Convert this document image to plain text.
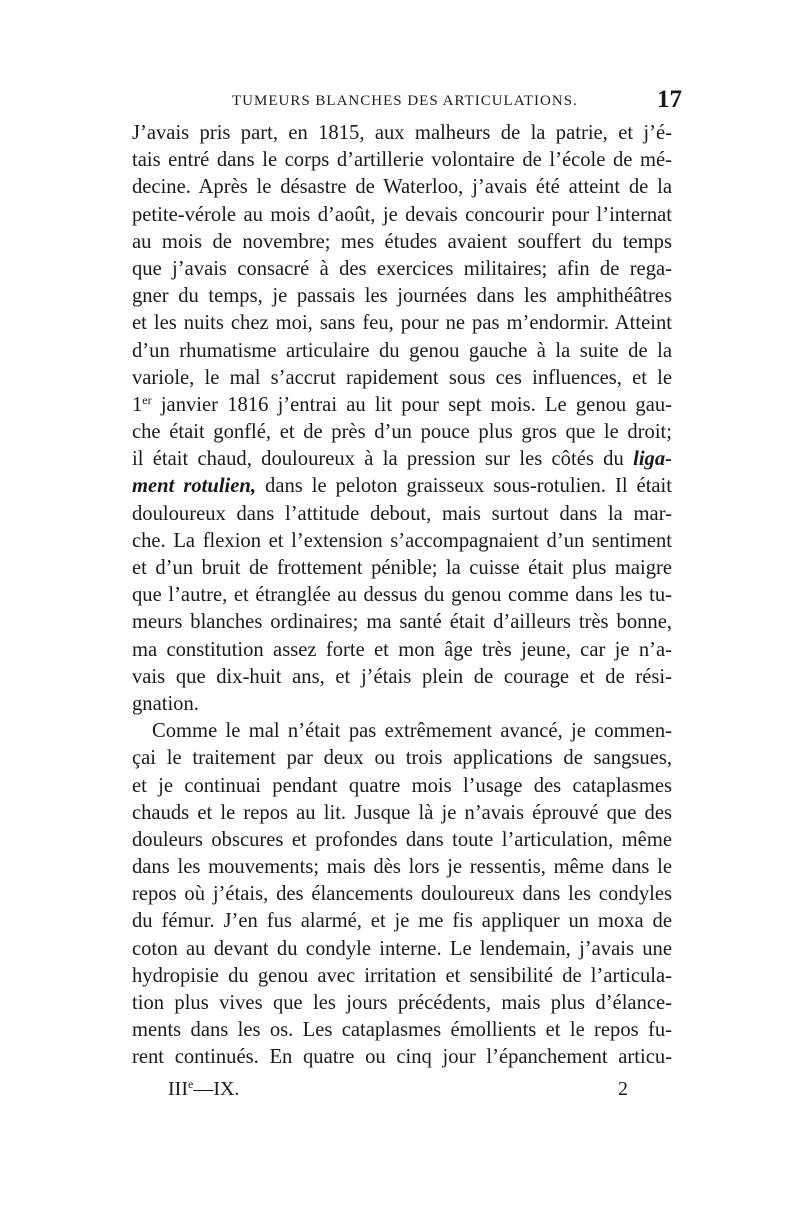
TUMEURS BLANCHES DES ARTICULATIONS.	17
J’avais pris part, en 1815, aux malheurs de la patrie, et j’é-
tais entré dans le corps d’artillerie volontaire de l’école de mé-
decine. Après le désastre de Waterloo, j’avais été atteint de la
petite-vérole au mois d’août, je devais concourir pour l’internat
au mois de novembre; mes études avaient souffert du temps
que j’avais consacré à des exercices militaires; afin de rega-
gner du temps, je passais les journées dans les amphithéâtres
et les nuits chez moi, sans feu, pour ne pas m’endormir. Atteint
d’un rhumatisme articulaire du genou gauche à la suite de la
variole, le mal s’accrut rapidement sous ces influences, et le
1er janvier 1816 j’entrai au lit pour sept mois. Le genou gau-
che était gonflé, et de près d’un pouce plus gros que le droit;
il était chaud, douloureux à la pression sur les côtés du liga-
ment rotulien, dans le peloton graisseux sous-rotulien. Il était
douloureux dans l’attitude debout, mais surtout dans la mar-
che. La flexion et l’extension s’accompagnaient d’un sentiment
et d’un bruit de frottement pénible; la cuisse était plus maigre
que l’autre, et étranglée au dessus du genou comme dans les tu-
meurs blanches ordinaires; ma santé était d’ailleurs très bonne,
ma constitution assez forte et mon âge très jeune, car je n’a-
vais que dix-huit ans, et j’étais plein de courage et de rési-
gnation.
Comme le mal n’était pas extrêmement avancé, je commen-
çai le traitement par deux ou trois applications de sangsues,
et je continuai pendant quatre mois l’usage des cataplasmes
chauds et le repos au lit. Jusque là je n’avais éprouvé que des
douleurs obscures et profondes dans toute l’articulation, même
dans les mouvements; mais dès lors je ressentis, même dans le
repos où j’étais, des élancements douloureux dans les condyles
du fémur. J’en fus alarmé, et je me fis appliquer un moxa de
coton au devant du condyle interne. Le lendemain, j’avais une
hydropisie du genou avec irritation et sensibilité de l’articula-
tion plus vives que les jours précédents, mais plus d’élance-
ments dans les os. Les cataplasmes émollients et le repos fu-
rent continués. En quatre ou cinq jour l’épanchement articu-
IIIe—IX.	2
